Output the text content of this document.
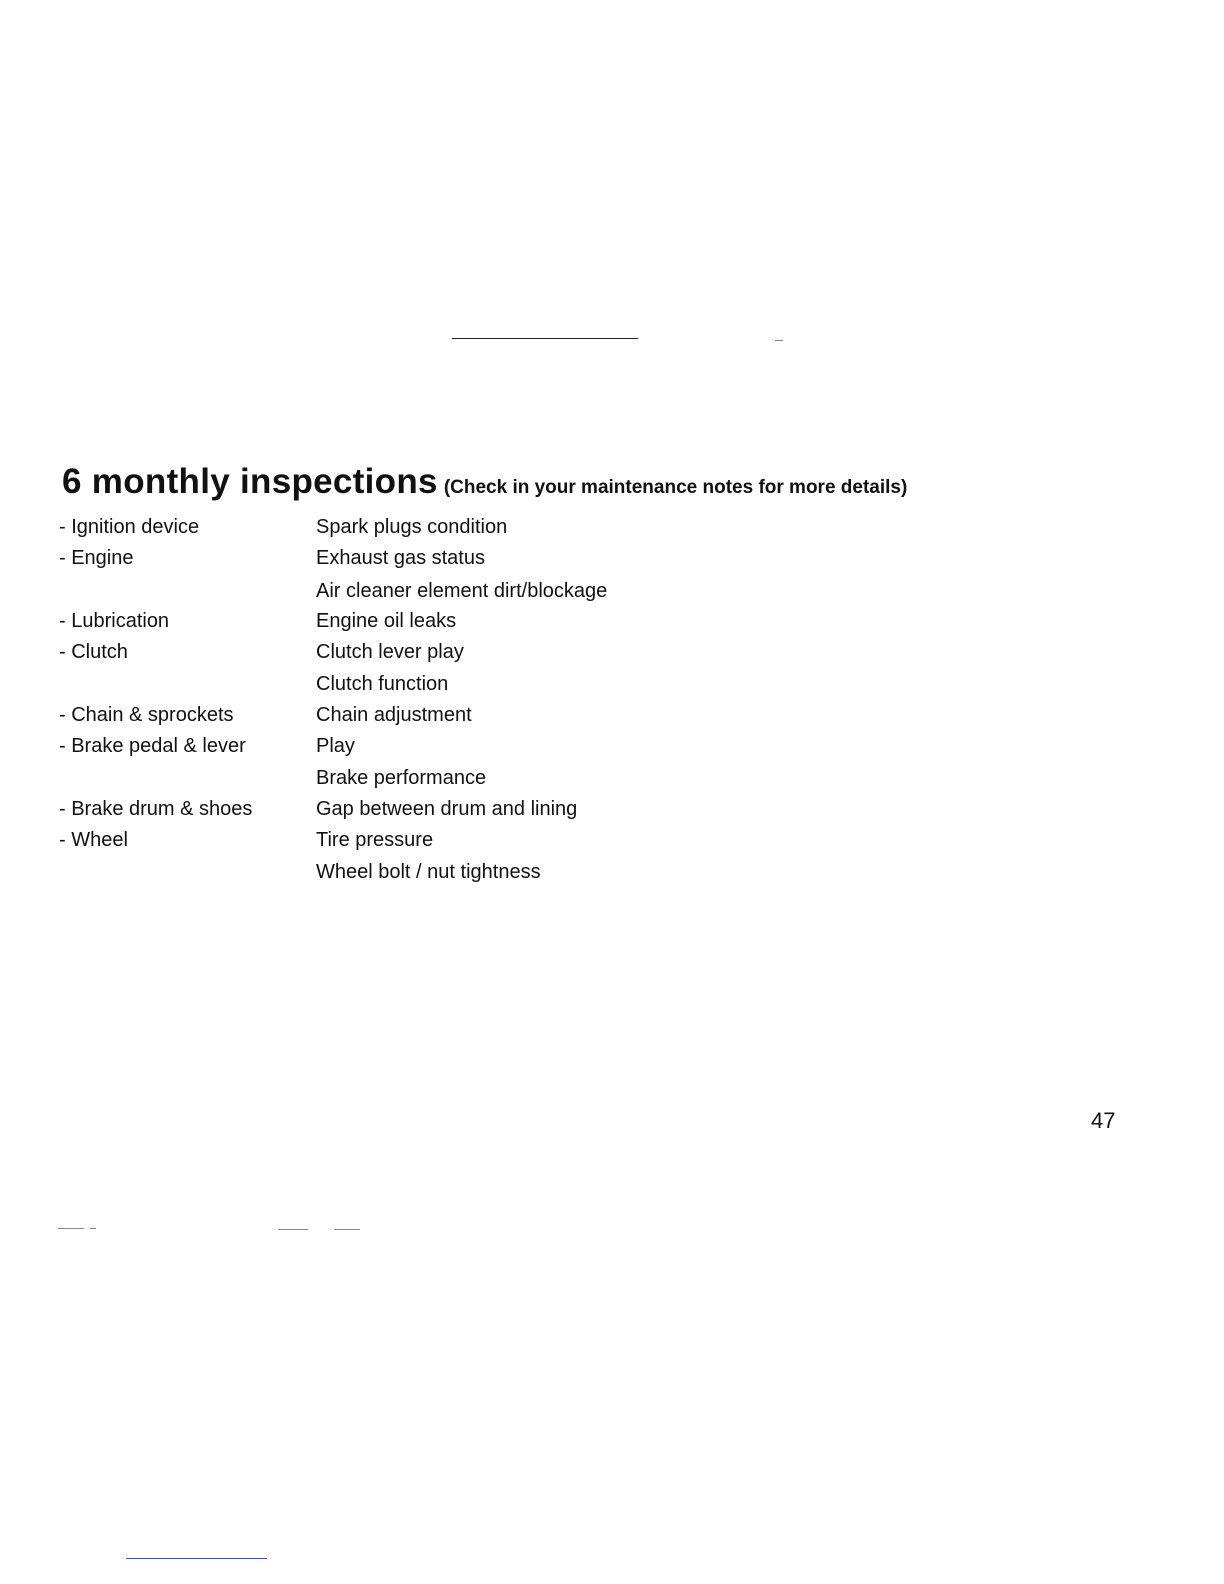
6 monthly inspections (Check in your maintenance notes for more details)
- Ignition device	Spark plugs condition
- Engine	Exhaust gas status
Air cleaner element dirt/blockage
- Lubrication	Engine oil leaks
- Clutch	Clutch lever play
Clutch function
- Chain & sprockets	Chain adjustment
- Brake pedal & lever	Play
Brake performance
- Brake drum & shoes	Gap between drum and lining
- Wheel	Tire pressure
Wheel bolt / nut tightness
47
